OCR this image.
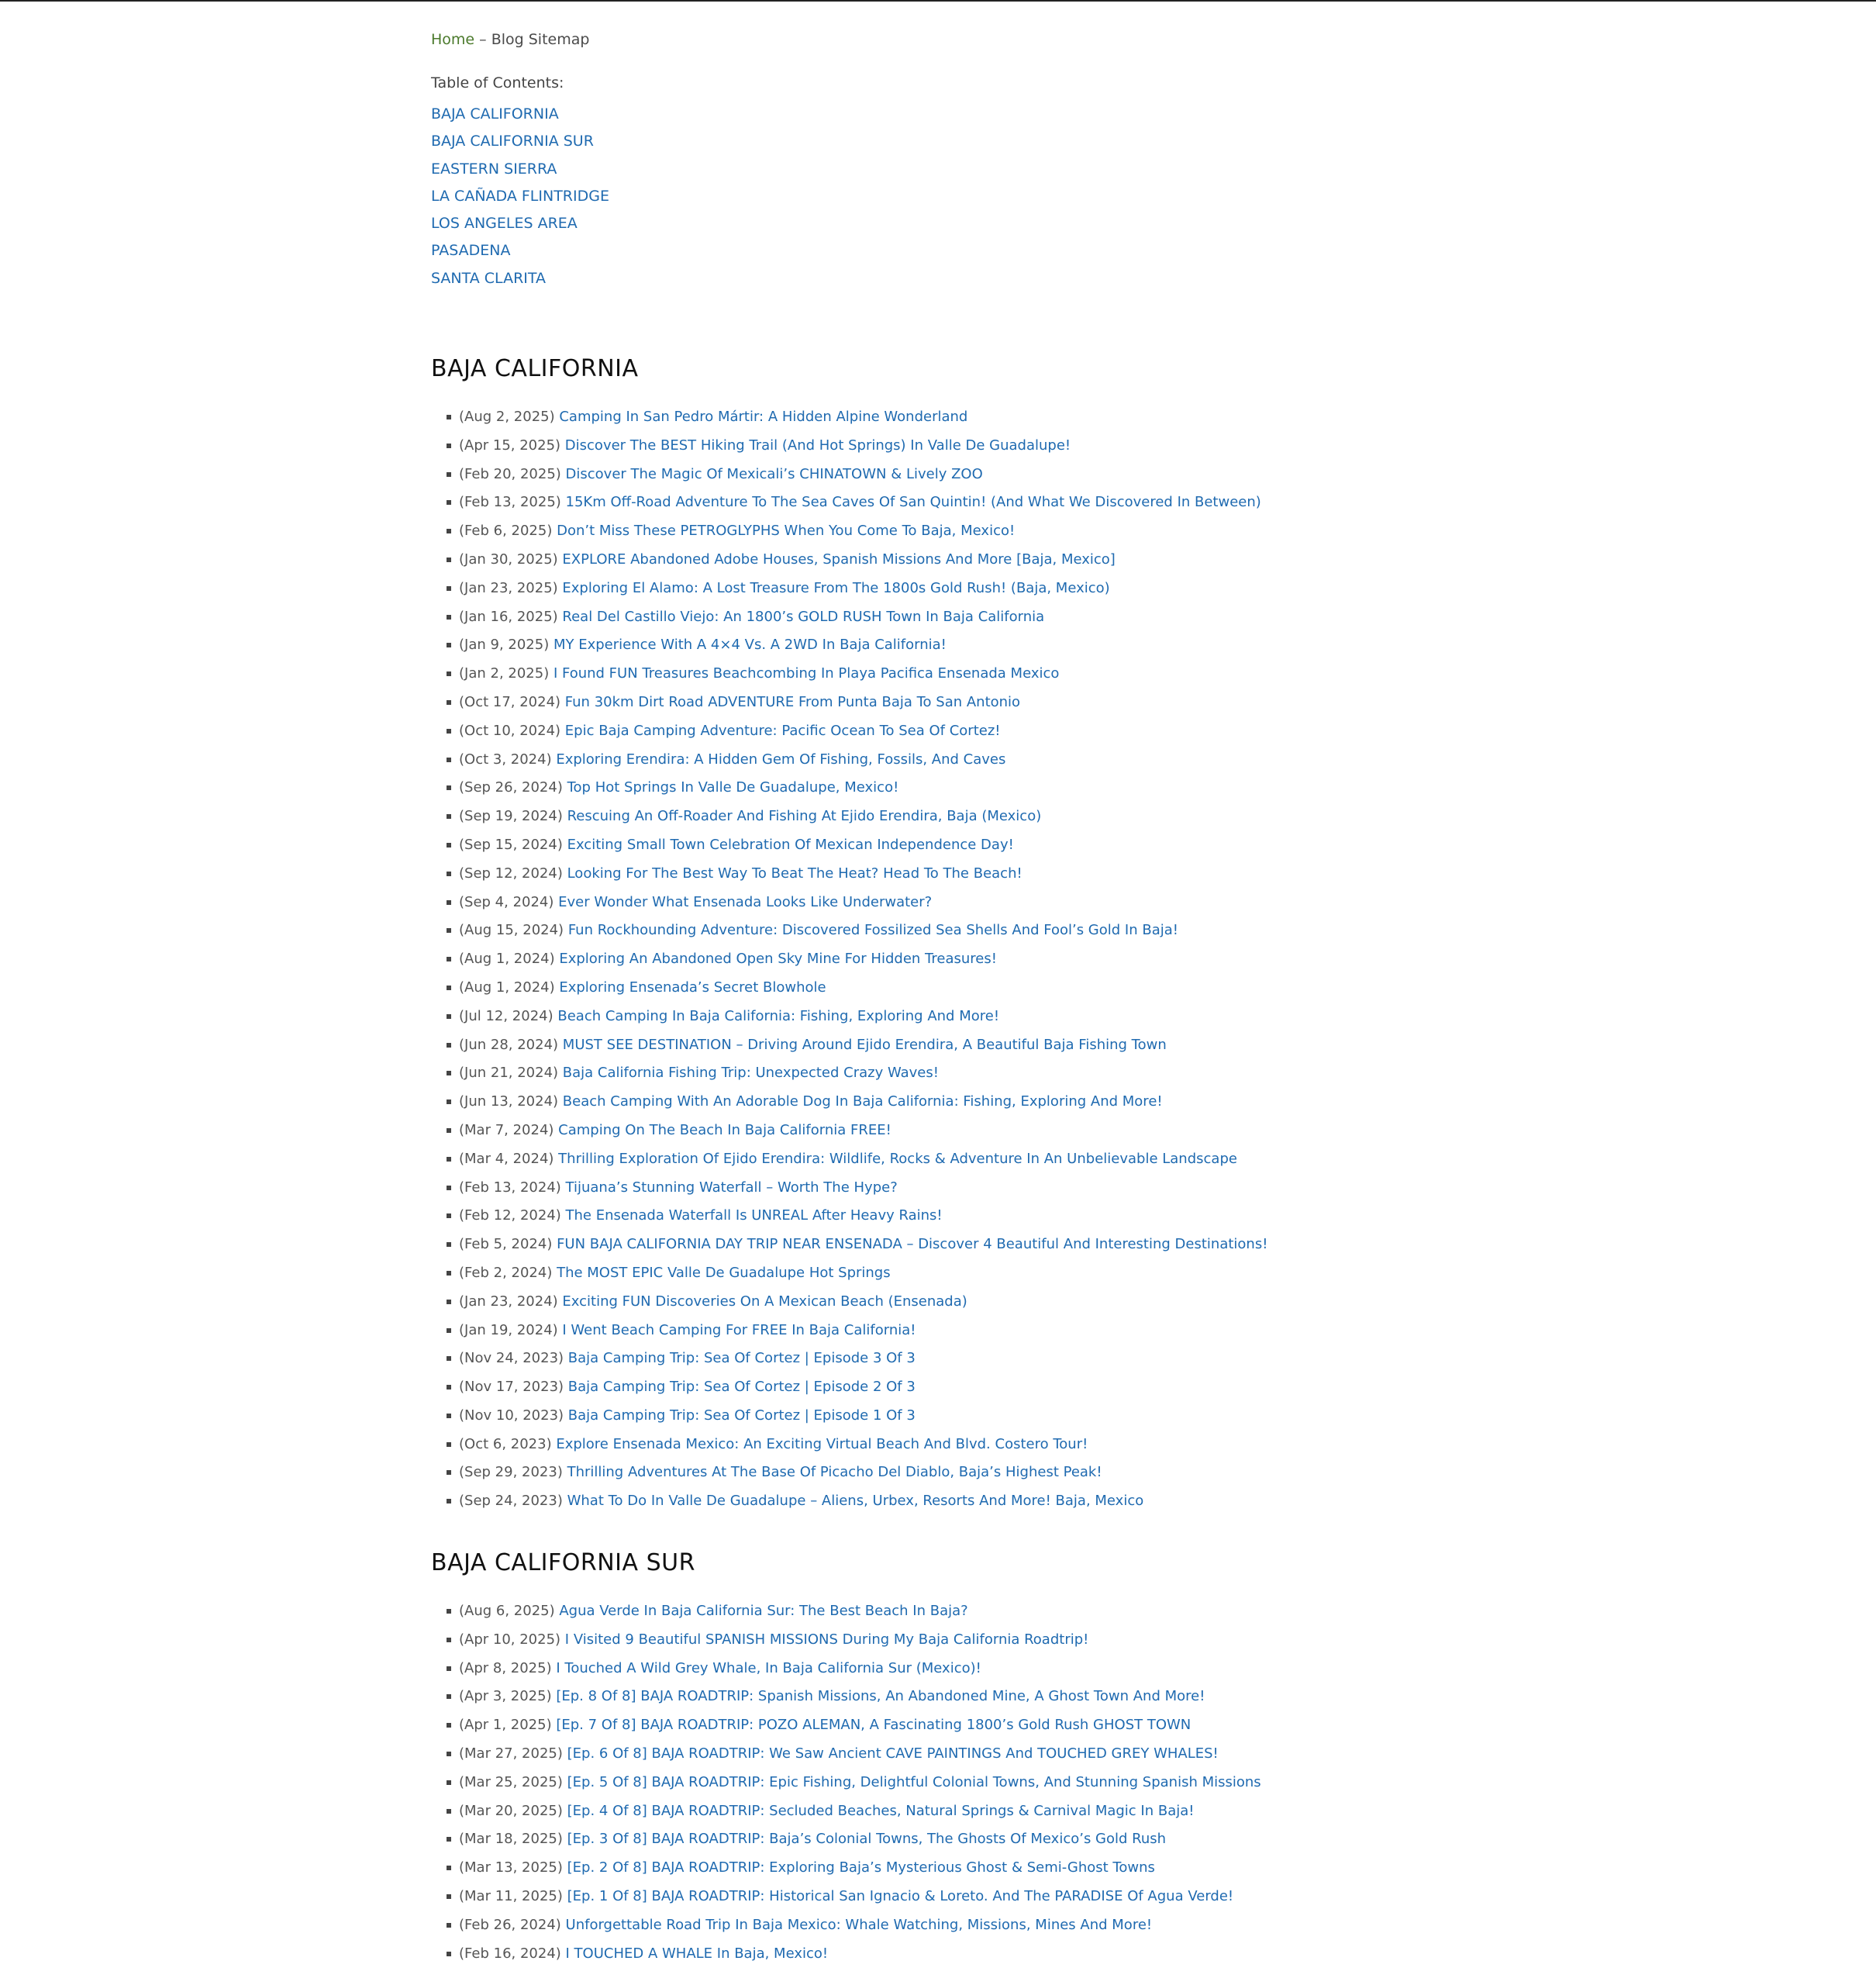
Home – Blog Sitemap
Table of Contents:
BAJA CALIFORNIA
BAJA CALIFORNIA SUR
EASTERN SIERRA
LA CAÑADA FLINTRIDGE
LOS ANGELES AREA
PASADENA
SANTA CLARITA
BAJA CALIFORNIA
(Aug 2, 2025) Camping In San Pedro Mártir: A Hidden Alpine Wonderland
(Apr 15, 2025) Discover The BEST Hiking Trail (And Hot Springs) In Valle De Guadalupe!
(Feb 20, 2025) Discover The Magic Of Mexicali’s CHINATOWN & Lively ZOO
(Feb 13, 2025) 15Km Off-Road Adventure To The Sea Caves Of San Quintin! (And What We Discovered In Between)
(Feb 6, 2025) Don’t Miss These PETROGLYPHS When You Come To Baja, Mexico!
(Jan 30, 2025) EXPLORE Abandoned Adobe Houses, Spanish Missions And More [Baja, Mexico]
(Jan 23, 2025) Exploring El Alamo: A Lost Treasure From The 1800s Gold Rush! (Baja, Mexico)
(Jan 16, 2025) Real Del Castillo Viejo: An 1800’s GOLD RUSH Town In Baja California
(Jan 9, 2025) MY Experience With A 4×4 Vs. A 2WD In Baja California!
(Jan 2, 2025) I Found FUN Treasures Beachcombing In Playa Pacifica Ensenada Mexico
(Oct 17, 2024) Fun 30km Dirt Road ADVENTURE From Punta Baja To San Antonio
(Oct 10, 2024) Epic Baja Camping Adventure: Pacific Ocean To Sea Of Cortez!
(Oct 3, 2024) Exploring Erendira: A Hidden Gem Of Fishing, Fossils, And Caves
(Sep 26, 2024) Top Hot Springs In Valle De Guadalupe, Mexico!
(Sep 19, 2024) Rescuing An Off-Roader And Fishing At Ejido Erendira, Baja (Mexico)
(Sep 15, 2024) Exciting Small Town Celebration Of Mexican Independence Day!
(Sep 12, 2024) Looking For The Best Way To Beat The Heat? Head To The Beach!
(Sep 4, 2024) Ever Wonder What Ensenada Looks Like Underwater?
(Aug 15, 2024) Fun Rockhounding Adventure: Discovered Fossilized Sea Shells And Fool’s Gold In Baja!
(Aug 1, 2024) Exploring An Abandoned Open Sky Mine For Hidden Treasures!
(Aug 1, 2024) Exploring Ensenada’s Secret Blowhole
(Jul 12, 2024) Beach Camping In Baja California: Fishing, Exploring And More!
(Jun 28, 2024) MUST SEE DESTINATION – Driving Around Ejido Erendira, A Beautiful Baja Fishing Town
(Jun 21, 2024) Baja California Fishing Trip: Unexpected Crazy Waves!
(Jun 13, 2024) Beach Camping With An Adorable Dog In Baja California: Fishing, Exploring And More!
(Mar 7, 2024) Camping On The Beach In Baja California FREE!
(Mar 4, 2024) Thrilling Exploration Of Ejido Erendira: Wildlife, Rocks & Adventure In An Unbelievable Landscape
(Feb 13, 2024) Tijuana’s Stunning Waterfall – Worth The Hype?
(Feb 12, 2024) The Ensenada Waterfall Is UNREAL After Heavy Rains!
(Feb 5, 2024) FUN BAJA CALIFORNIA DAY TRIP NEAR ENSENADA – Discover 4 Beautiful And Interesting Destinations!
(Feb 2, 2024) The MOST EPIC Valle De Guadalupe Hot Springs
(Jan 23, 2024) Exciting FUN Discoveries On A Mexican Beach (Ensenada)
(Jan 19, 2024) I Went Beach Camping For FREE In Baja California!
(Nov 24, 2023) Baja Camping Trip: Sea Of Cortez | Episode 3 Of 3
(Nov 17, 2023) Baja Camping Trip: Sea Of Cortez | Episode 2 Of 3
(Nov 10, 2023) Baja Camping Trip: Sea Of Cortez | Episode 1 Of 3
(Oct 6, 2023) Explore Ensenada Mexico: An Exciting Virtual Beach And Blvd. Costero Tour!
(Sep 29, 2023) Thrilling Adventures At The Base Of Picacho Del Diablo, Baja’s Highest Peak!
(Sep 24, 2023) What To Do In Valle De Guadalupe – Aliens, Urbex, Resorts And More! Baja, Mexico
BAJA CALIFORNIA SUR
(Aug 6, 2025) Agua Verde In Baja California Sur: The Best Beach In Baja?
(Apr 10, 2025) I Visited 9 Beautiful SPANISH MISSIONS During My Baja California Roadtrip!
(Apr 8, 2025) I Touched A Wild Grey Whale, In Baja California Sur (Mexico)!
(Apr 3, 2025) [Ep. 8 Of 8] BAJA ROADTRIP: Spanish Missions, An Abandoned Mine, A Ghost Town And More!
(Apr 1, 2025) [Ep. 7 Of 8] BAJA ROADTRIP: POZO ALEMAN, A Fascinating 1800’s Gold Rush GHOST TOWN
(Mar 27, 2025) [Ep. 6 Of 8] BAJA ROADTRIP: We Saw Ancient CAVE PAINTINGS And TOUCHED GREY WHALES!
(Mar 25, 2025) [Ep. 5 Of 8] BAJA ROADTRIP: Epic Fishing, Delightful Colonial Towns, And Stunning Spanish Missions
(Mar 20, 2025) [Ep. 4 Of 8] BAJA ROADTRIP: Secluded Beaches, Natural Springs & Carnival Magic In Baja!
(Mar 18, 2025) [Ep. 3 Of 8] BAJA ROADTRIP: Baja’s Colonial Towns, The Ghosts Of Mexico’s Gold Rush
(Mar 13, 2025) [Ep. 2 Of 8] BAJA ROADTRIP: Exploring Baja’s Mysterious Ghost & Semi-Ghost Towns
(Mar 11, 2025) [Ep. 1 Of 8] BAJA ROADTRIP: Historical San Ignacio & Loreto. And The PARADISE Of Agua Verde!
(Feb 26, 2024) Unforgettable Road Trip In Baja Mexico: Whale Watching, Missions, Mines And More!
(Feb 16, 2024) I TOUCHED A WHALE In Baja, Mexico!
